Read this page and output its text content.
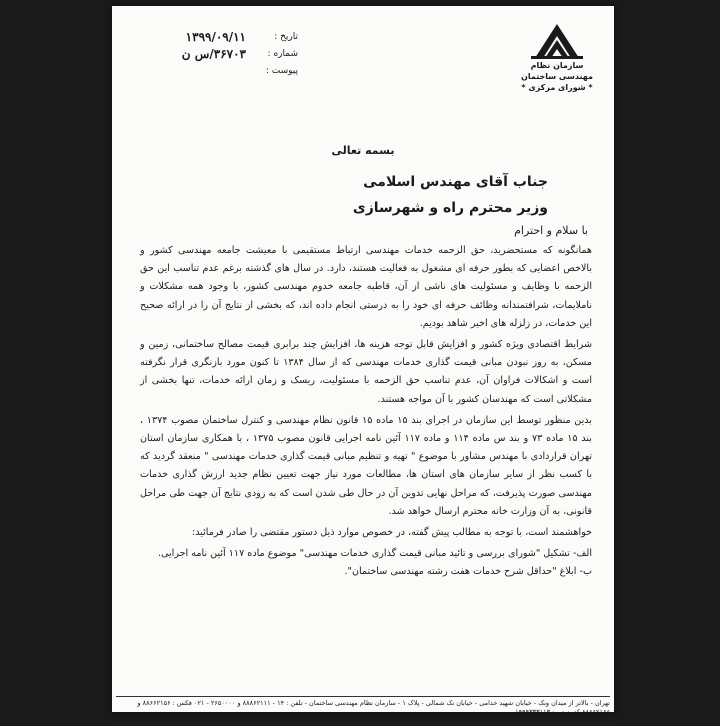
سازمان نظام مهندسی ساختمان
* شورای مرکزی *
تاریخ :
۱۳۹۹/۰۹/۱۱
شماره :
۳۶۷۰۳/س ن
پیوست :
بسمه تعالی
جناب آقای مهندس اسلامی
وزیر محترم راه و شهرسازی
با سلام و احترام

همانگونه که مستحضرید، حق الزحمه خدمات مهندسی ارتباط مستقیمی با معیشت جامعه مهندسی کشور و بالاخص اعضایی که بطور حرفه ای مشغول به فعالیت هستند، دارد. در سال های گذشته برغم عدم تناسب این حق الزحمه با وظایف و مسئولیت های ناشی از آن، قاطبه جامعه خدوم مهندسی کشور، با وجود همه مشکلات و ناملایمات، شرافتمندانه وظائف حرفه ای خود را به درستی انجام داده اند، که بخشی از نتایج آن را در ارائه صحیح این خدمات، در زلزله های اخیر شاهد بودیم.

شرایط اقتصادی ویژه کشور و افزایش قابل توجه هزینه ها، افزایش چند برابری قیمت مصالح ساختمانی، زمین و مسکن، به روز نبودن مبانی قیمت گذاری خدمات مهندسی که از سال ۱۳۸۴ تا کنون مورد بازنگری قرار نگرفته است و اشکالات فراوان آن، عدم تناسب حق الزحمه با مسئولیت، ریسک و زمان ارائه خدمات، تنها بخشی از مشکلاتی است که مهندسان کشور با آن مواجه هستند.

بدین منظور توسط این سازمان در اجرای بند ۱۵ ماده ۱۵ قانون نظام مهندسی و کنترل ساختمان مصوب ۱۳۷۴ ، بند ۱۵ ماده ۷۳ و بند س ماده ۱۱۴ و ماده ۱۱۷ آئین نامه اجرایی قانون مصوب ۱۳۷۵ ، با همکاری سازمان استان تهران قراردادی با مهندس مشاور با موضوع " تهیه و تنظیم مبانی قیمت گذاری خدمات مهندسی " منعقد گردید که با کسب نظر از سایر سازمان های استان ها، مطالعات مورد نیاز جهت تعیین نظام جدید ارزش گذاری خدمات مهندسی صورت پذیرفت، که مراحل نهایی تدوین آن در حال طی شدن است که به زودی نتایج آن جهت طی مراحل قانونی، به آن وزارت خانه محترم ارسال خواهد شد.

خواهشمند است، با توجه به مطالب پیش گفته، در خصوص موارد ذیل دستور مقتضی را صادر فرمائید:

الف- تشکیل "شورای بررسی و تائید مبانی قیمت گذاری خدمات مهندسی" موضوع ماده ۱۱۷ آئین نامه اجرایی.
ب- ابلاغ "حداقل شرح خدمات هفت رشته مهندسی ساختمان".
تهران - بالاتر از میدان ونک - خیابان شهید خدامی - خیابان نک شمالی - پلاک ۱ - سازمان نظام مهندسی ساختمان - تلفن : ۱۴ - ۸۸۸۶۲۱۱۱ و ۲۶۵۰۰۰۰ - ۰۲۱ فکس : ۸۸۶۶۲۱۵۶ و ۸۸۶۶۲۱۶۶ کد پستی : ۱۹۹۴۳۳۳۱۱۳
E-mail: Dabirkhaneh@shoramarkazi@gmail.com
